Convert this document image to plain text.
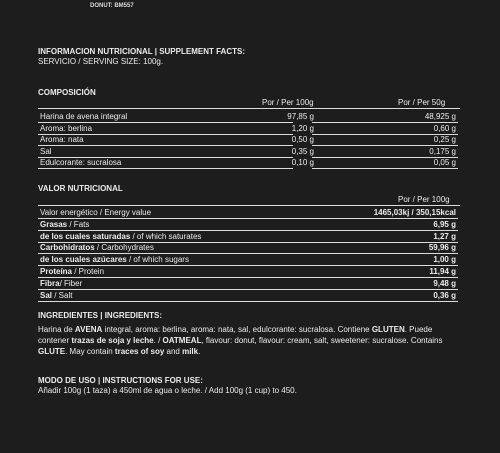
DONUT: BM557
INFORMACION NUTRICIONAL | SUPPLEMENT FACTS:
SERVICIO / SERVING SIZE: 100g.
COMPOSICIÓN
Por / Per 100g	Por / Per 50g
Harina de avena integral	97,85 g	48,925 g
Aroma: berlina	1,20 g	0,60 g
Aroma: nata	0,50 g	0,25 g
Sal	0,35 g	0,175 g
Edulcorante: sucralosa	0,10 g	0,05 g
VALOR NUTRICIONAL
Por / Per 100g
Valor energético / Energy value	1465,03kj / 350,15kcal
Grasas / Fats	6,95 g
de los cuales saturadas / of which saturates	1,27 g
Carbohidratos / Carbohydrates	59,96 g
de los cuales azúcares / of which sugars	1,00 g
Proteína / Protein	11,94 g
Fibra/ Fiber	9,48 g
Sal / Salt	0,36 g
INGREDIENTES | INGREDIENTS:
Harina de AVENA integral, aroma: berlina, aroma: nata, sal, edulcorante: sucralosa. Contiene GLUTEN. Puede contener trazas de soja y leche. / OATMEAL, flavour: donut, flavour: cream, salt, sweetener: sucralose. Contains GLUTE. May contain traces of soy and milk.
MODO DE USO | INSTRUCTIONS FOR USE:
Añadir 100g (1 taza) a 450ml de agua o leche. / Add 100g (1 cup) to 450.
